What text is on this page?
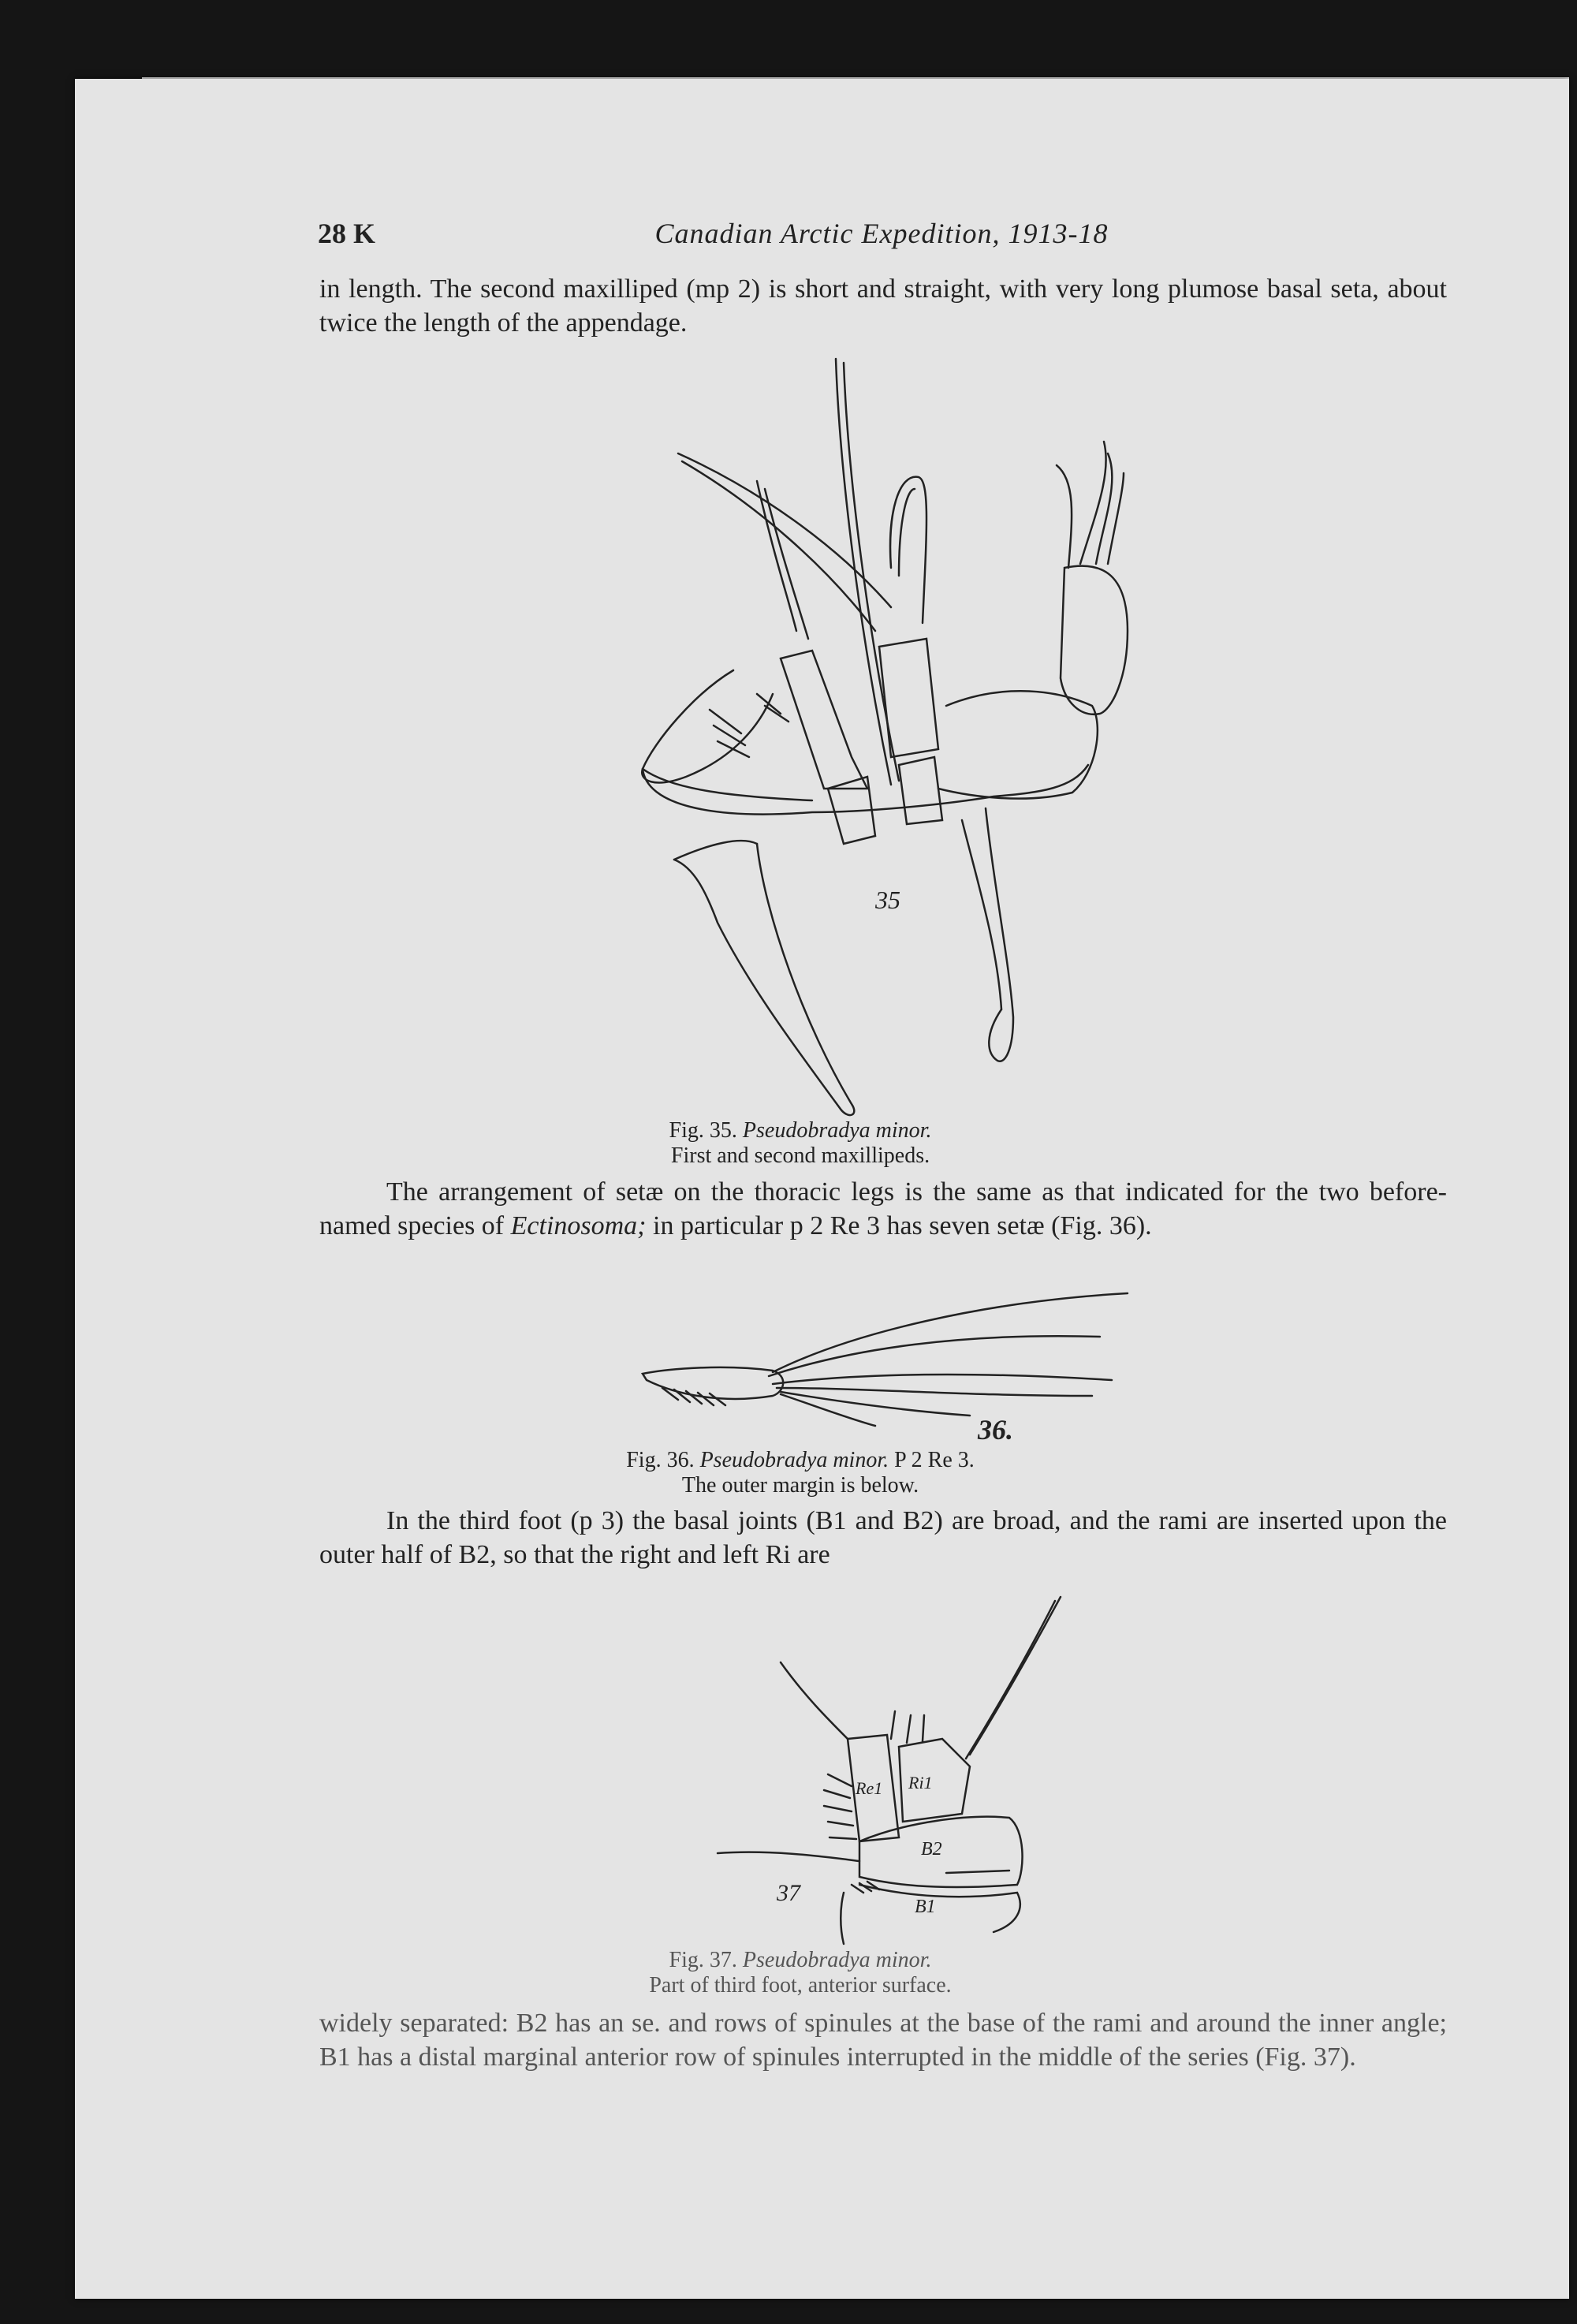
28 K	Canadian Arctic Expedition, 1913-18
in length. The second maxilliped (mp 2) is short and straight, with very long plumose basal seta, about twice the length of the appendage.
35
Fig. 35. Pseudobradya minor.
First and second maxillipeds.
The arrangement of setæ on the thoracic legs is the same as that indicated for the two before-named species of Ectinosoma; in particular p 2 Re 3 has seven setæ (Fig. 36).
36.
Fig. 36. Pseudobradya minor. P 2 Re 3.
The outer margin is below.
In the third foot (p 3) the basal joints (B1 and B2) are broad, and the rami are inserted upon the outer half of B2, so that the right and left Ri are
Re1 Ri1
B2
B1
37
Fig. 37. Pseudobradya minor.
Part of third foot, anterior surface.
widely separated: B2 has an se. and rows of spinules at the base of the rami and around the inner angle; B1 has a distal marginal anterior row of spinules interrupted in the middle of the series (Fig. 37).
